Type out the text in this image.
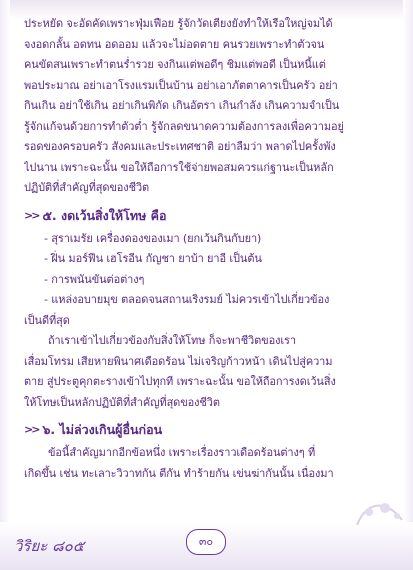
ประหยัด จะอัดคัดเพราะฟุ่มเฟือย รู้จักวัดเตียงยังทำให้เรือใหญ่จมได้
จงอดกลั้น อดทน อดออม แล้วจะไม่อดตาย คนรวยเพราะทำตัวจน
คนขัดสนเพราะทำตนร่ำรวย จงกินแต่พอดีๆ ชิมแต่พอดี เป็นหนี้แต่
พอประมาณ อย่าเอาโรงแรมเป็นบ้าน อย่าเอาภัตตาคารเป็นครัว อย่า
กินเกิน อย่าใช้เกิน อย่าเกินพิกัด เกินอัตรา เกินกำลัง เกินความจำเป็น
รู้จักแก้จนด้วยการทำตัวต่ำ รู้จักลดขนาดความต้องการลงเพื่อความอยู่
รอดของครอบครัว สังคมและประเทศชาติ อย่าลืมว่า พลาดไปครั้งพัง
ไปนาน เพราะฉะนั้น ขอให้ถือการใช้จ่ายพอสมควรแก่ฐานะเป็นหลัก
ปฏิบัติที่สำคัญที่สุดของชีวิต
>> ๕. งดเว้นสิ่งให้โทษ คือ
- สุราเมรัย เครื่องดองของเมา (ยกเว้นกินกับยา)
- ฝิ่น มอร์ฟีน เฮโรอีน กัญชา ยาบ้า ยาอี เป็นต้น
- การพนันขันต่อต่างๆ
- แหล่งอบายมุข ตลอดจนสถานเริงรมย์ ไม่ควรเข้าไปเกี่ยวข้อง
เป็นดีที่สุด
ถ้าเราเข้าไปเกี่ยวข้องกับสิ่งให้โทษ ก็จะพาชีวิตของเรา
เสื่อมโทรม เสียหายพินาศเดือดร้อน ไม่เจริญก้าวหน้า เดินไปสู่ความ
ตาย สู่ประตูคุกตะรางเข้าไปทุกที เพราะฉะนั้น ขอให้ถือการงดเว้นสิ่ง
ให้โทษเป็นหลักปฏิบัติที่สำคัญที่สุดของชีวิต
>> ๖. ไม่ล่วงเกินผู้อื่นก่อน
ข้อนี้สำคัญมากอีกข้อหนึ่ง เพราะเรื่องราวเดือดร้อนต่างๆ ที่
เกิดขึ้น เช่น ทะเลาะวิวาทกัน ตีกัน ทำร้ายกัน เข่นฆ่ากันนั้น เนื่องมา
วิริยะ ๘๐๕	๓๐
